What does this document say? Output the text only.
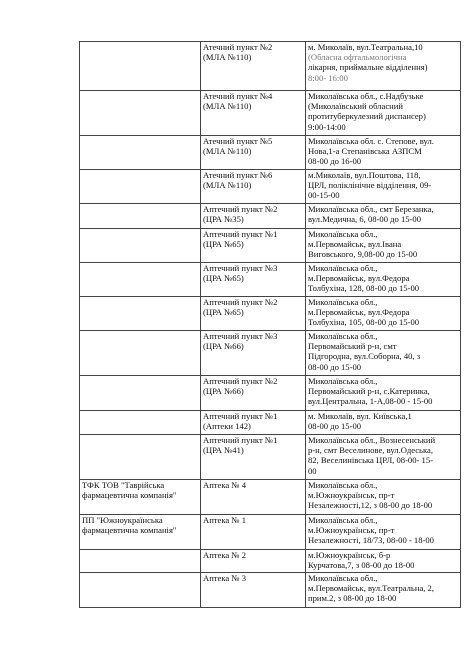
	Атечний пункт №2
(МЛА №110)	м. Миколаїв, вул.Театральна,10
(Обласна офтальмологічна
лікарня, приймальне відділення)
8:00- 16:00

	Атечний пункт №4
(МЛА №110)	Миколаївська обл., с.Надбузьке
(Миколаївський обласний
протитуберкулезний диспансер)
9:00-14:00

	Атечний пункт №5
(МЛА №110)	Миколаївська обл. с. Степове, вул.
Нова,1-а Степанівська АЗПСМ
08-00 до 16-00

	Атечний пункт №6
(МЛА №110)	м.Миколаїв, вул.Поштова, 118,
ЦРЛ, поліклінічне відділення, 09-
00-15-00

	Аптечний пункт №2
(ЦРА №35)	Миколаївська обл., смт Березанка,
вул.Медична, 6, 08-00 до 15-00

	Аптечний пункт №1
(ЦРА №65)	Миколаївська обл.,
м.Первомайськ, вул.Івана
Виговського, 9,08-00 до 15-00

	Аптечний пункт №3
(ЦРА №65)	Миколаївська обл.,
м.Первомайськ, вул.Федора
Толбухіна, 128, 08-00 до 15-00

	Аптечний пункт №2
(ЦРА №65)	Миколаївська обл.,
м.Первомайськ, вул.Федора
Толбухіна, 105, 08-00 до 15-00

	Аптечний пункт №3
(ЦРА №66)	Миколаївська обл.,
Первомайський р-н, смт
Підгородна, вул.Соборна, 40, з
08-00 до 15-00

	Аптечний пункт №2
(ЦРА №66)	Миколаївська обл.,
Первомайський р-н, с.Катеринка,
вул.Центральна, 1-А,08-00 - 15-00

	Аптечний пункт №1
(Аптеки 142)	м. Миколаїв, вул. Київська,1
08-00 до 15-00

	Аптечний пункт №1
(ЦРА №41)	Миколаївська обл., Вознесенський
р-н, смт Веселинове, вул.Одеська,
82, Веселинівська ЦРЛ, 08-00- 15-
00

ТФК ТОВ "Таврійська
фармацевтична компанія"	Аптека № 4	Миколаївська обл.,
м.Южноукраїнськ, пр-т
Незалежності,12, з 08-00 до 18-00

ПП "Южноукраїнська
фармацевтична компанія"	Аптека № 1	Миколаївська обл.,
м.Южноукраїнськ, пр-т
Незалежності, 18/73, 08-00 - 18-00

	Аптека № 2	м.Южноукраїнськ, б-р
Курчатова,7, з 08-00 до 18-00

	Аптека № 3	Миколаївська обл.,
м.Первомайськ, вул.Театральна, 2,
прим.2, з 08-00 до 18-00
